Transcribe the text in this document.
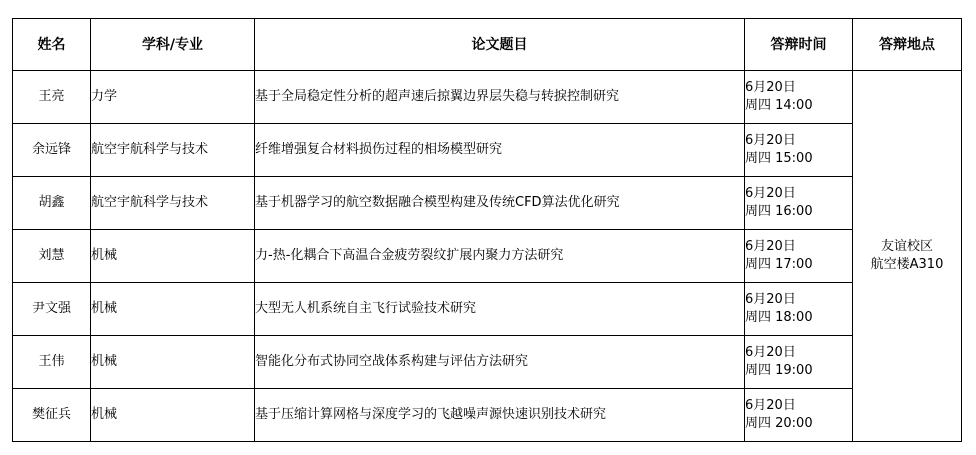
姓名	学科/专业	论文题目	答辩时间	答辩地点
王亮	力学	基于全局稳定性分析的超声速后掠翼边界层失稳与转捩控制研究	6月20日
周四 14:00	友谊校区
航空楼A310

余远锋	航空宇航科学与技术	纤维增强复合材料损伤过程的相场模型研究	6月20日
周四 15:00	

胡鑫	航空宇航科学与技术	基于机器学习的航空数据融合模型构建及传统CFD算法优化研究	6月20日
周四 16:00	

刘慧	机械	力-热-化耦合下高温合金疲劳裂纹扩展内聚力方法研究	6月20日
周四 17:00	

尹文强	机械	大型无人机系统自主飞行试验技术研究	6月20日
周四 18:00	

王伟	机械	智能化分布式协同空战体系构建与评估方法研究	6月20日
周四 19:00	

樊征兵	机械	基于压缩计算网格与深度学习的飞越噪声源快速识别技术研究	6月20日
周四 20:00	
